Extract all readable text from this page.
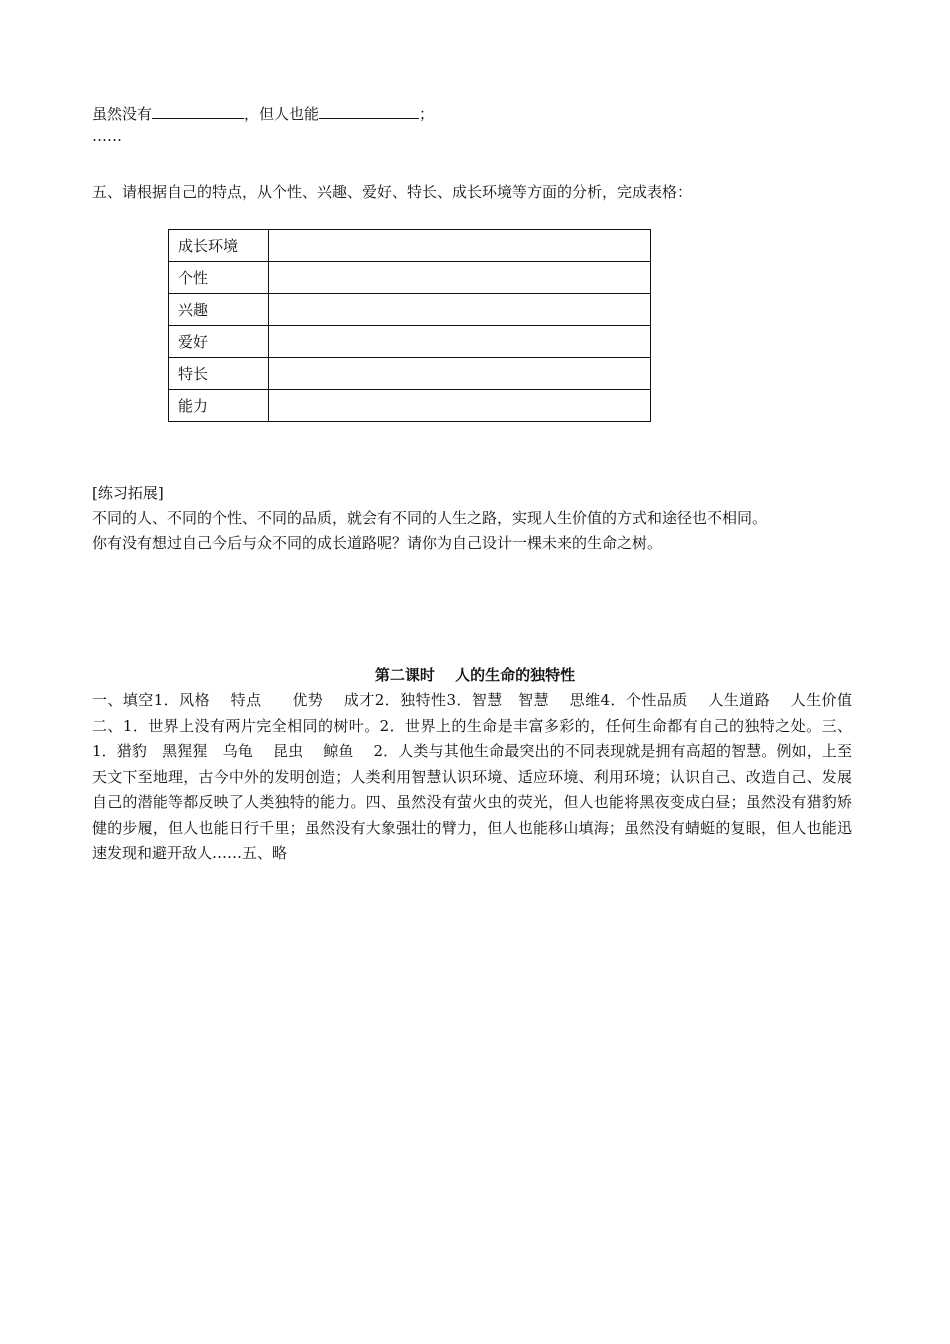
虽然没有	，但人也能	；
……
五、请根据自己的特点，从个性、兴趣、爱好、特长、成长环境等方面的分析，完成表格：
成长环境	
个性	
兴趣	
爱好	
特长	
能力	
[练习拓展]
不同的人、不同的个性、不同的品质，就会有不同的人生之路，实现人生价值的方式和途径也不相同。
你有没有想过自己今后与众不同的成长道路呢？请你为自己设计一棵未来的生命之树。
第二课时　 人的生命的独特性
一、填空1．风格　 特点　　优势　 成才2．独特性3．智慧　智慧　 思维4．个性品质　 人生道路　 人生价值　二、1．世界上没有两片完全相同的树叶。2．世界上的生命是丰富多彩的，任何生命都有自己的独特之处。三、1．猎豹　黑猩猩　乌龟　 昆虫　 鲸鱼　 2．人类与其他生命最突出的不同表现就是拥有高超的智慧。例如，上至天文下至地理，古今中外的发明创造；人类利用智慧认识环境、适应环境、利用环境；认识自己、改造自己、发展自己的潜能等都反映了人类独特的能力。四、虽然没有萤火虫的荧光，但人也能将黑夜变成白昼；虽然没有猎豹矫健的步履，但人也能日行千里；虽然没有大象强壮的臂力，但人也能移山填海；虽然没有蜻蜓的复眼，但人也能迅速发现和避开敌人……五、略
